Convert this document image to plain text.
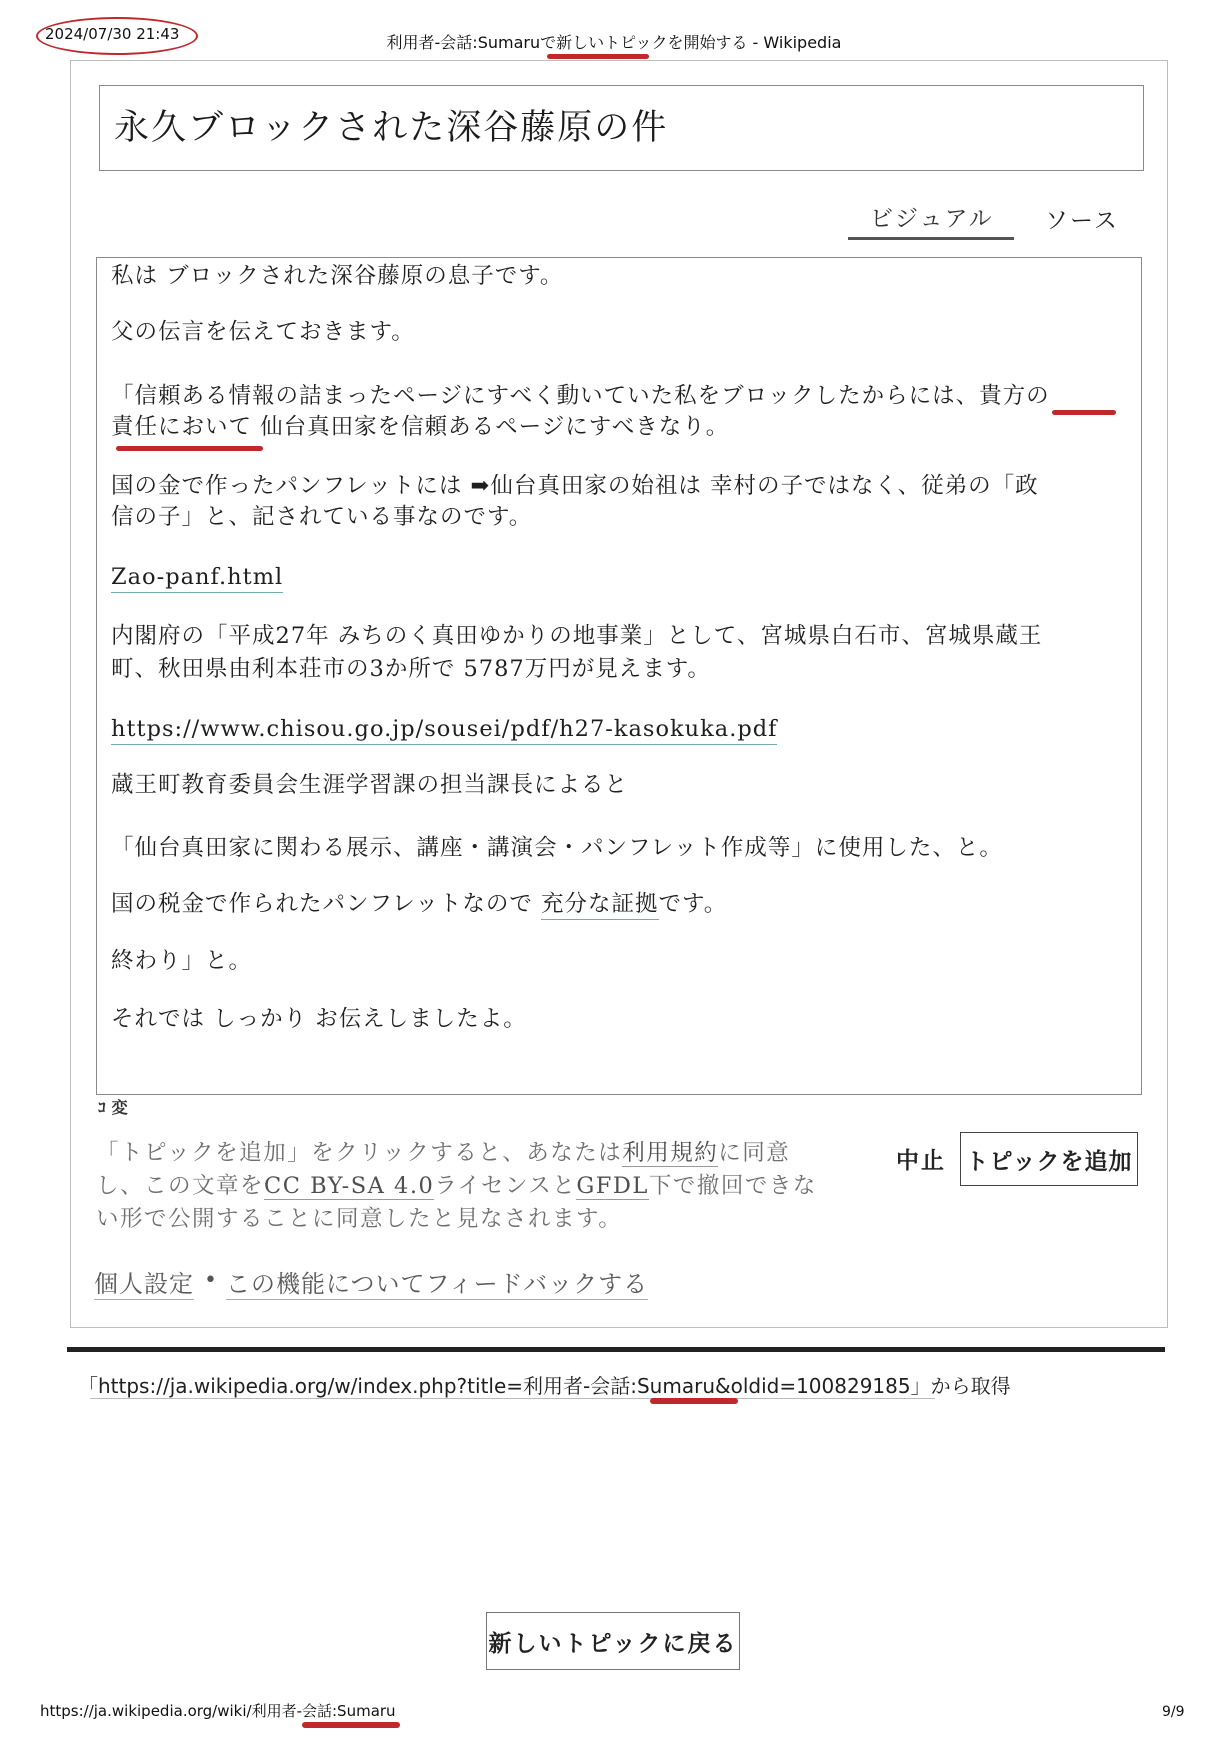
2024/07/30 21:43	利用者-会話:Sumaruで新しいトピックを開始する - Wikipedia
永久ブロックされた深谷藤原の件
ビジュアル ソース
私は ブロックされた深谷藤原の息子です。
父の伝言を伝えておきます。
「信頼ある情報の詰まったページにすべく動いていた私をブロックしたからには、貴方の
責任において 仙台真田家を信頼あるページにすべきなり。
国の金で作ったパンフレットには ➡仙台真田家の始祖は 幸村の子ではなく、従弟の「政
信の子」と、記されている事なのです。
Zao-panf.html
内閣府の「平成27年 みちのく真田ゆかりの地事業」として、宮城県白石市、宮城県蔵王
町、秋田県由利本荘市の3か所で 5787万円が見えます。
https://www.chisou.go.jp/sousei/pdf/h27-kasokuka.pdf
蔵王町教育委員会生涯学習課の担当課長によると
「仙台真田家に関わる展示、講座・講演会・パンフレット作成等」に使用した、と。
国の税金で作られたパンフレットなので 充分な証拠です。
終わり」と。
それでは しっかり お伝えしましたよ。
ｺ 変
「トピックを追加」をクリックすると、あなたは利用規約に同意
し、この文章をCC BY-SA 4.0ライセンスとGFDL下で撤回できな
い形で公開することに同意したと見なされます。
中止 トピックを追加
個人設定 • この機能についてフィードバックする
「https://ja.wikipedia.org/w/index.php?title=利用者-会話:Sumaru&oldid=100829185」から取得
新しいトピックに戻る
https://ja.wikipedia.org/wiki/利用者-会話:Sumaru	9/9
